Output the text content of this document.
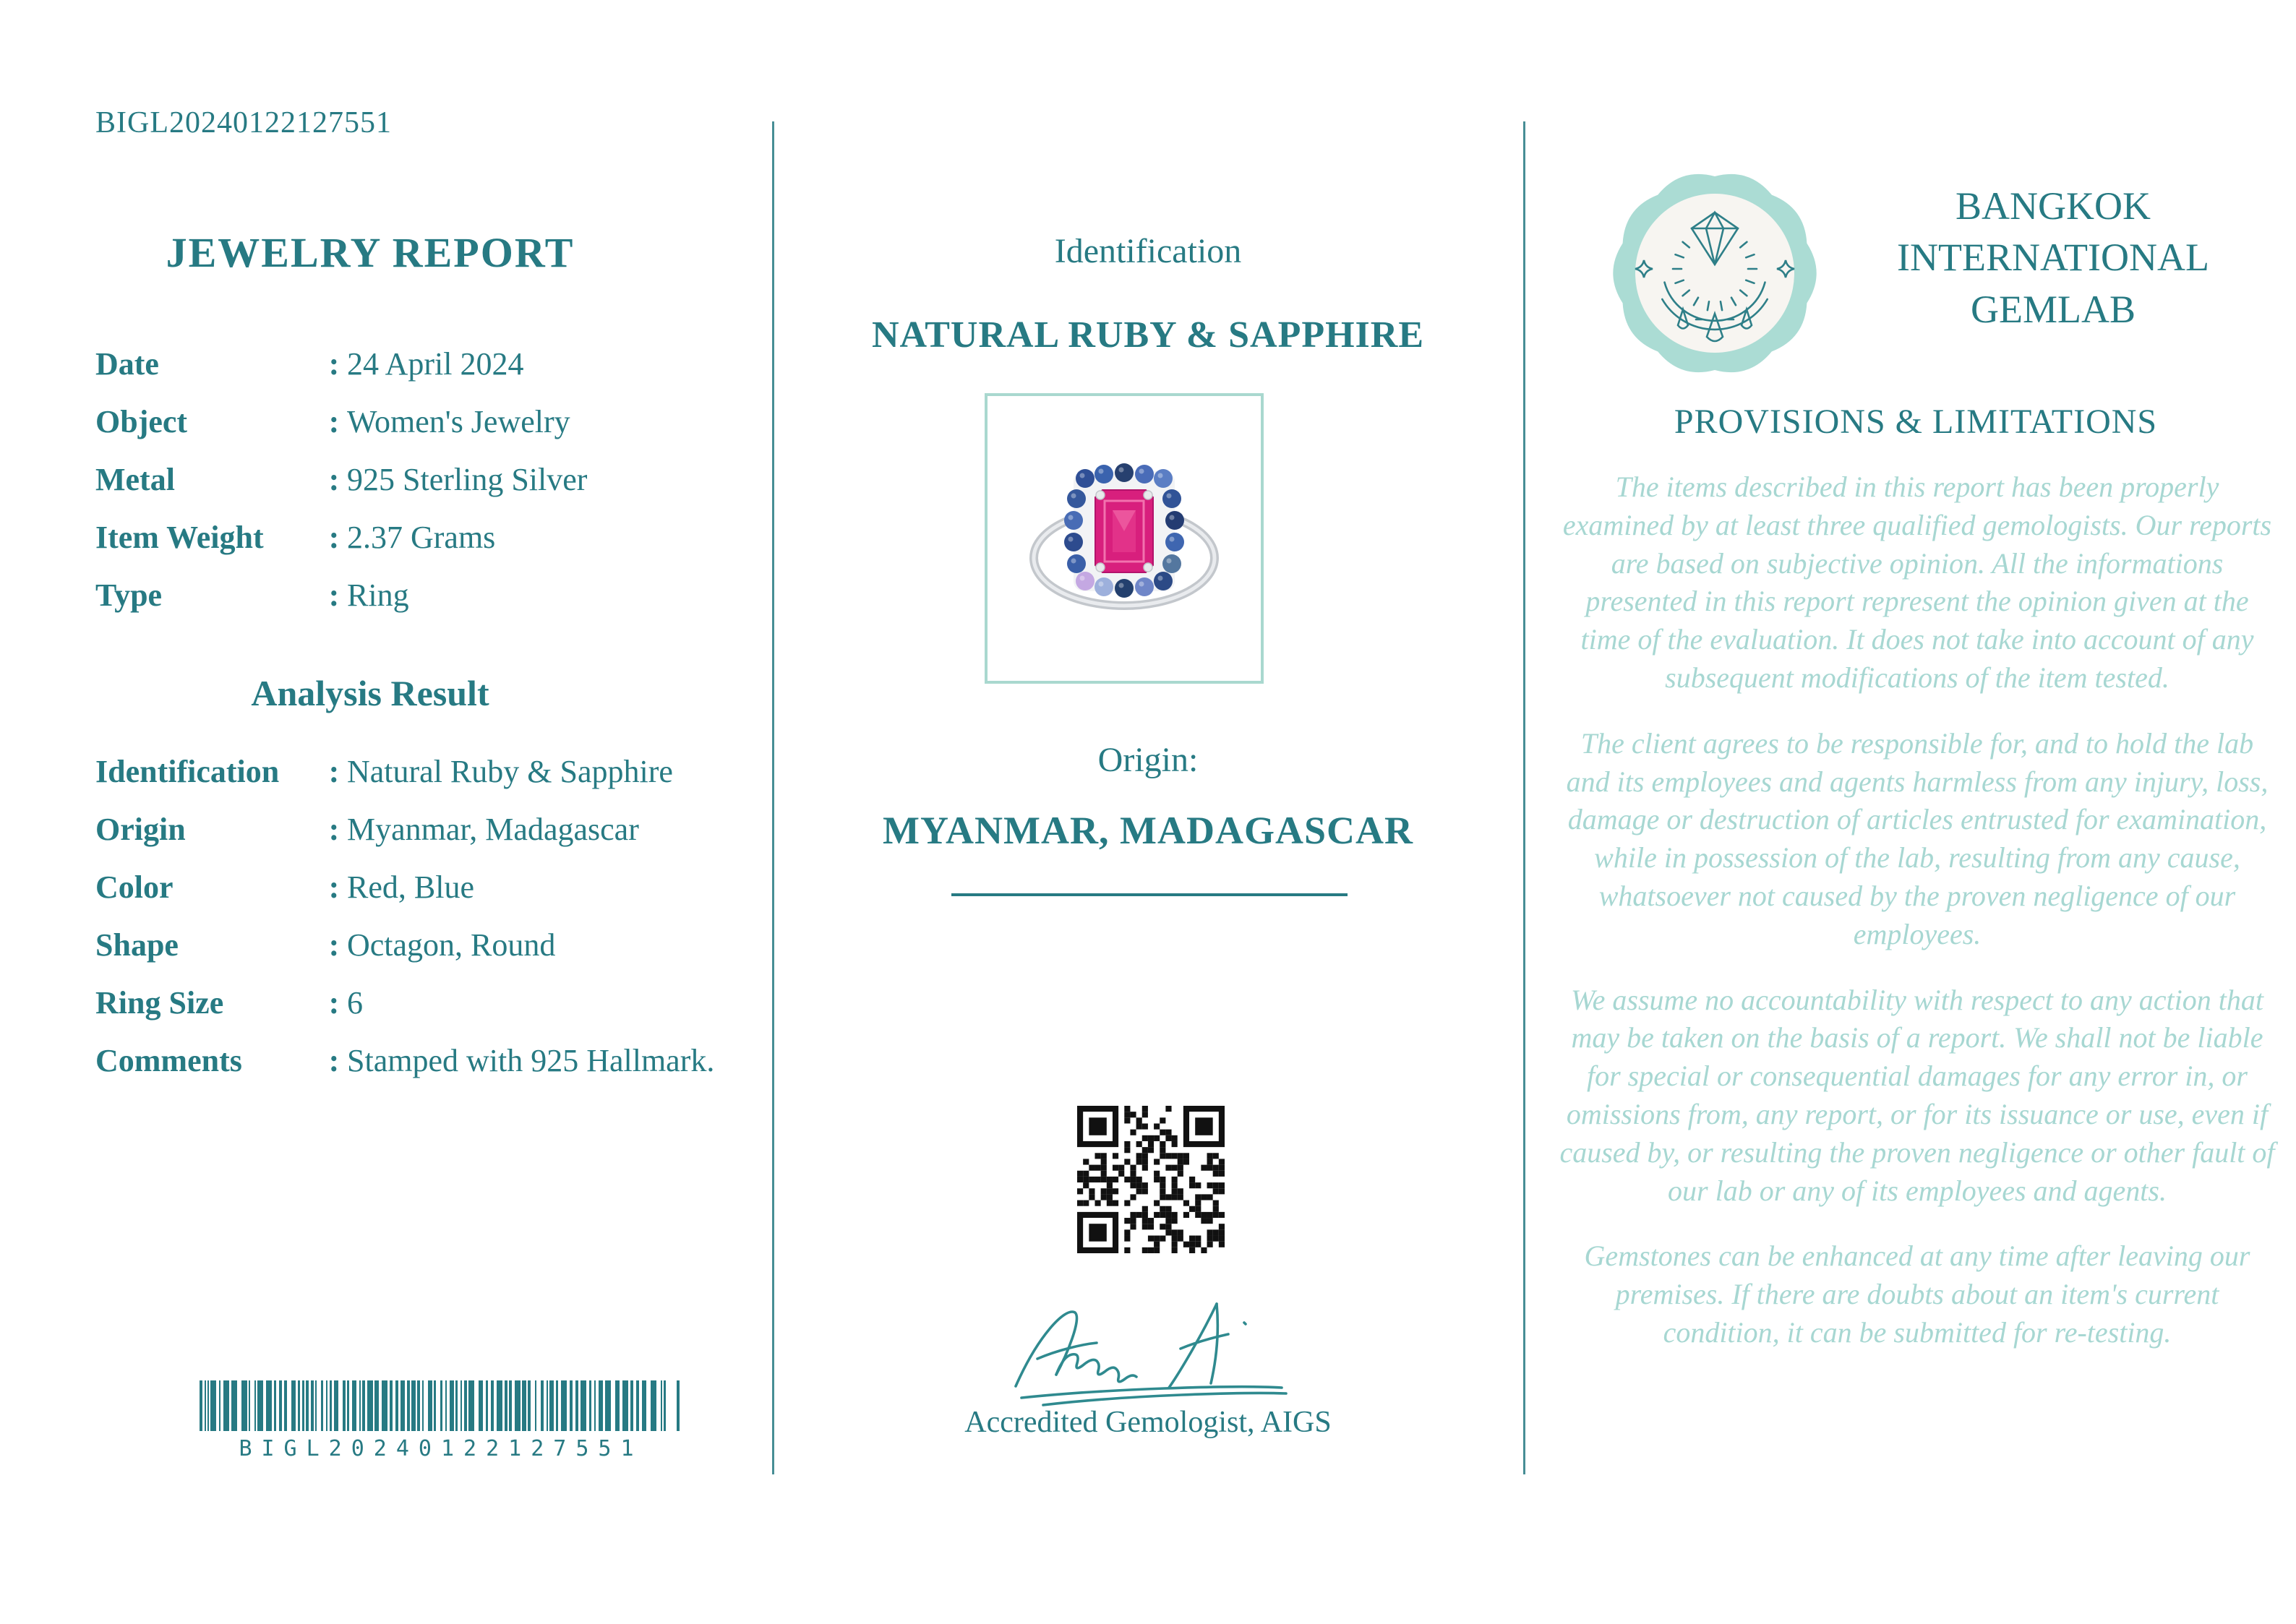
BIGL20240122127551
JEWELRY REPORT
Date	: 24 April 2024
Object	: Women's Jewelry
Metal	: 925 Sterling Silver
Item Weight	: 2.37 Grams
Type	: Ring
Analysis Result
Identification	: Natural Ruby & Sapphire
Origin	: Myanmar, Madagascar
Color	: Red, Blue
Shape	: Octagon, Round
Ring Size	: 6
Comments	: Stamped with 925 Hallmark.
BIGL20240122127551
Identification
NATURAL RUBY & SAPPHIRE
Origin:
MYANMAR, MADAGASCAR
Accredited Gemologist, AIGS
BANGKOK
INTERNATIONAL
GEMLAB
PROVISIONS & LIMITATIONS

The items described in this report has been properly examined by at least three qualified gemologists. Our reports are based on subjective opinion. All the informations presented in this report represent the opinion given at the time of the evaluation. It does not take into account of any subsequent modifications of the item tested.

The client agrees to be responsible for, and to hold the lab and its employees and agents harmless from any injury, loss, damage or destruction of articles entrusted for examination, while in possession of the lab, resulting from any cause, whatsoever not caused by the proven negligence of our employees.

We assume no accountability with respect to any action that may be taken on the basis of a report. We shall not be liable for special or consequential damages for any error in, or omissions from, any report, or for its issuance or use, even if caused by, or resulting the proven negligence or other fault of our lab or any of its employees and agents.

Gemstones can be enhanced at any time after leaving our premises. If there are doubts about an item's current condition, it can be submitted for re-testing.
